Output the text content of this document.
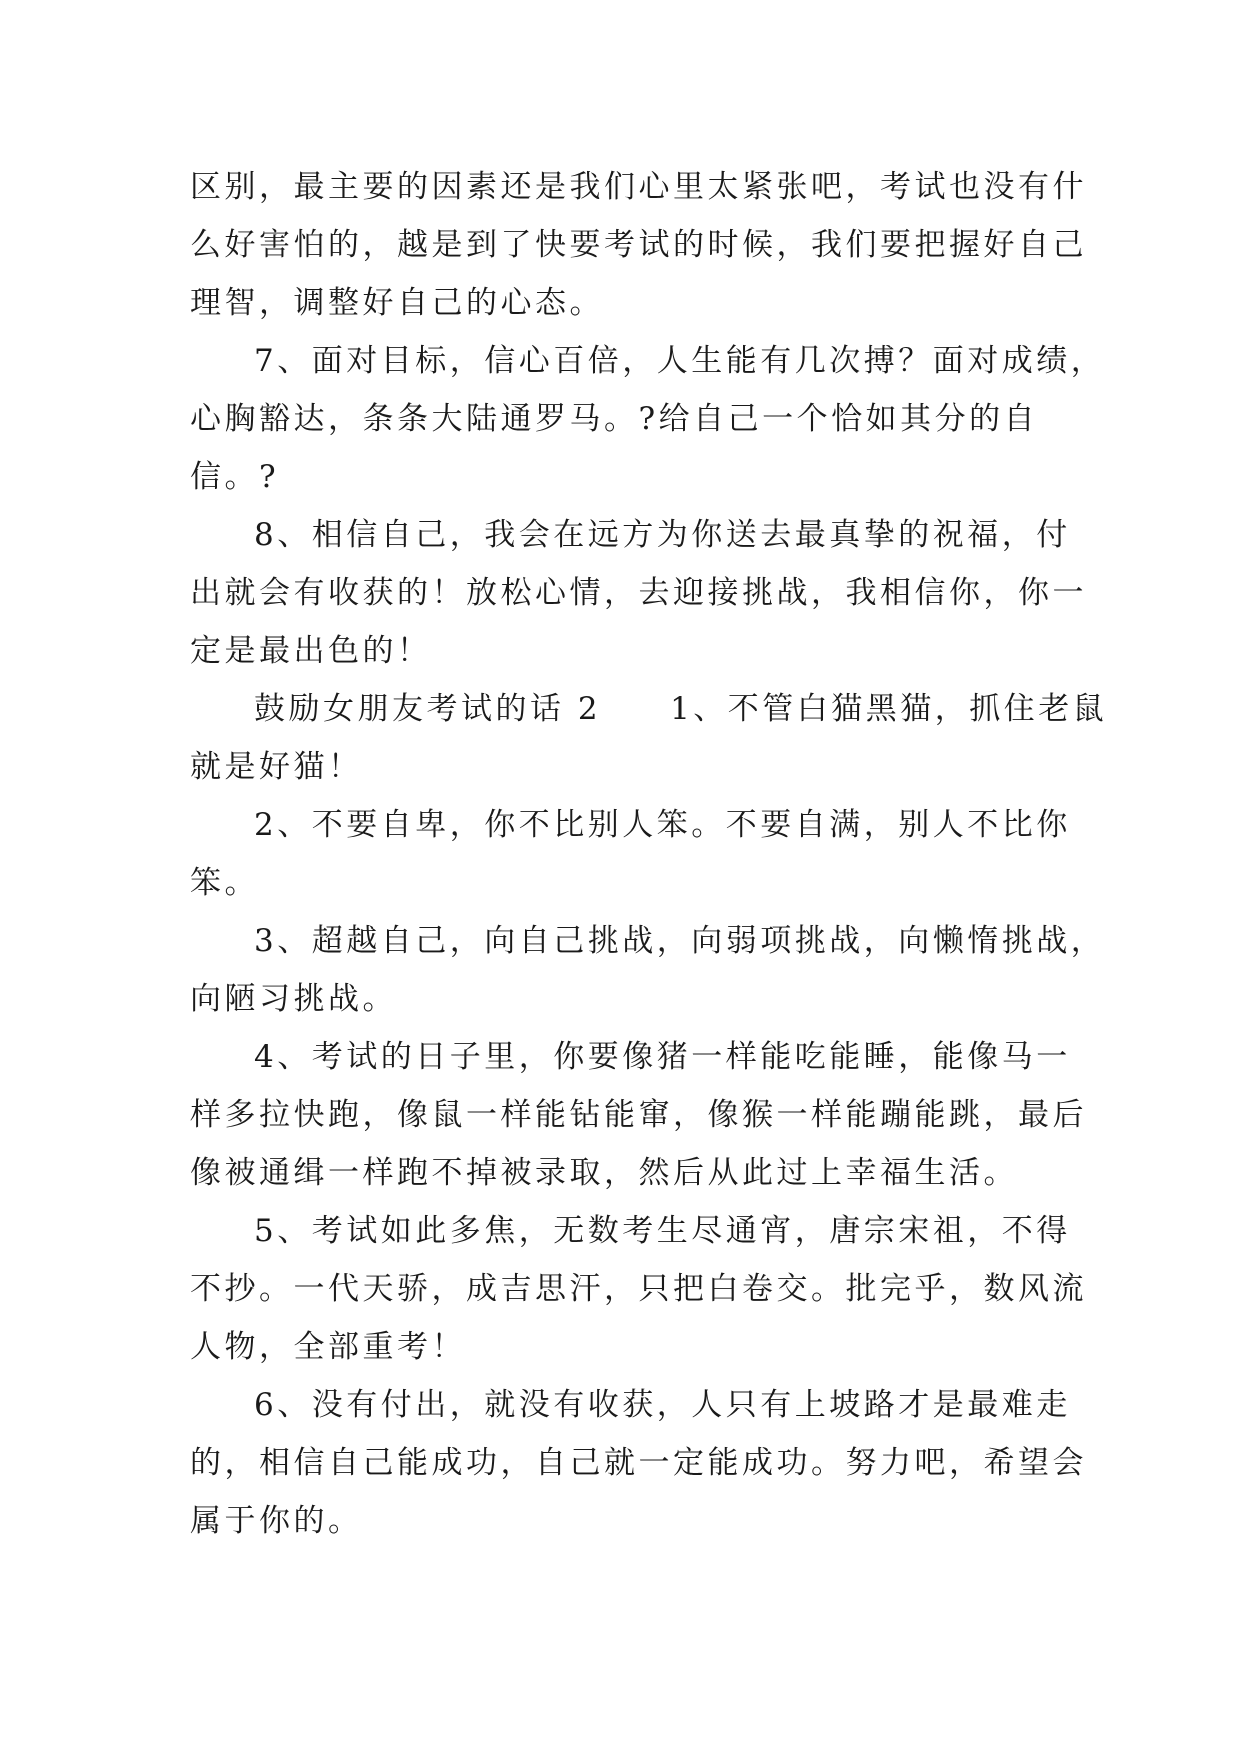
区别，最主要的因素还是我们心里太紧张吧，考试也没有什
么好害怕的，越是到了快要考试的时候，我们要把握好自己
理智，调整好自己的心态。
7、面对目标，信心百倍，人生能有几次搏？面对成绩，
心胸豁达，条条大陆通罗马。?给自己一个恰如其分的自
信。?
8、相信自己，我会在远方为你送去最真挚的祝福，付
出就会有收获的！放松心情，去迎接挑战，我相信你，你一
定是最出色的！
鼓励女朋友考试的话 2　　1、不管白猫黑猫，抓住老鼠
就是好猫！
2、不要自卑，你不比别人笨。不要自满，别人不比你
笨。
3、超越自己，向自己挑战，向弱项挑战，向懒惰挑战，
向陋习挑战。
4、考试的日子里，你要像猪一样能吃能睡，能像马一
样多拉快跑，像鼠一样能钻能窜，像猴一样能蹦能跳，最后
像被通缉一样跑不掉被录取，然后从此过上幸福生活。
5、考试如此多焦，无数考生尽通宵，唐宗宋祖，不得
不抄。一代天骄，成吉思汗，只把白卷交。批完乎，数风流
人物，全部重考！
6、没有付出，就没有收获，人只有上坡路才是最难走
的，相信自己能成功，自己就一定能成功。努力吧，希望会
属于你的。
